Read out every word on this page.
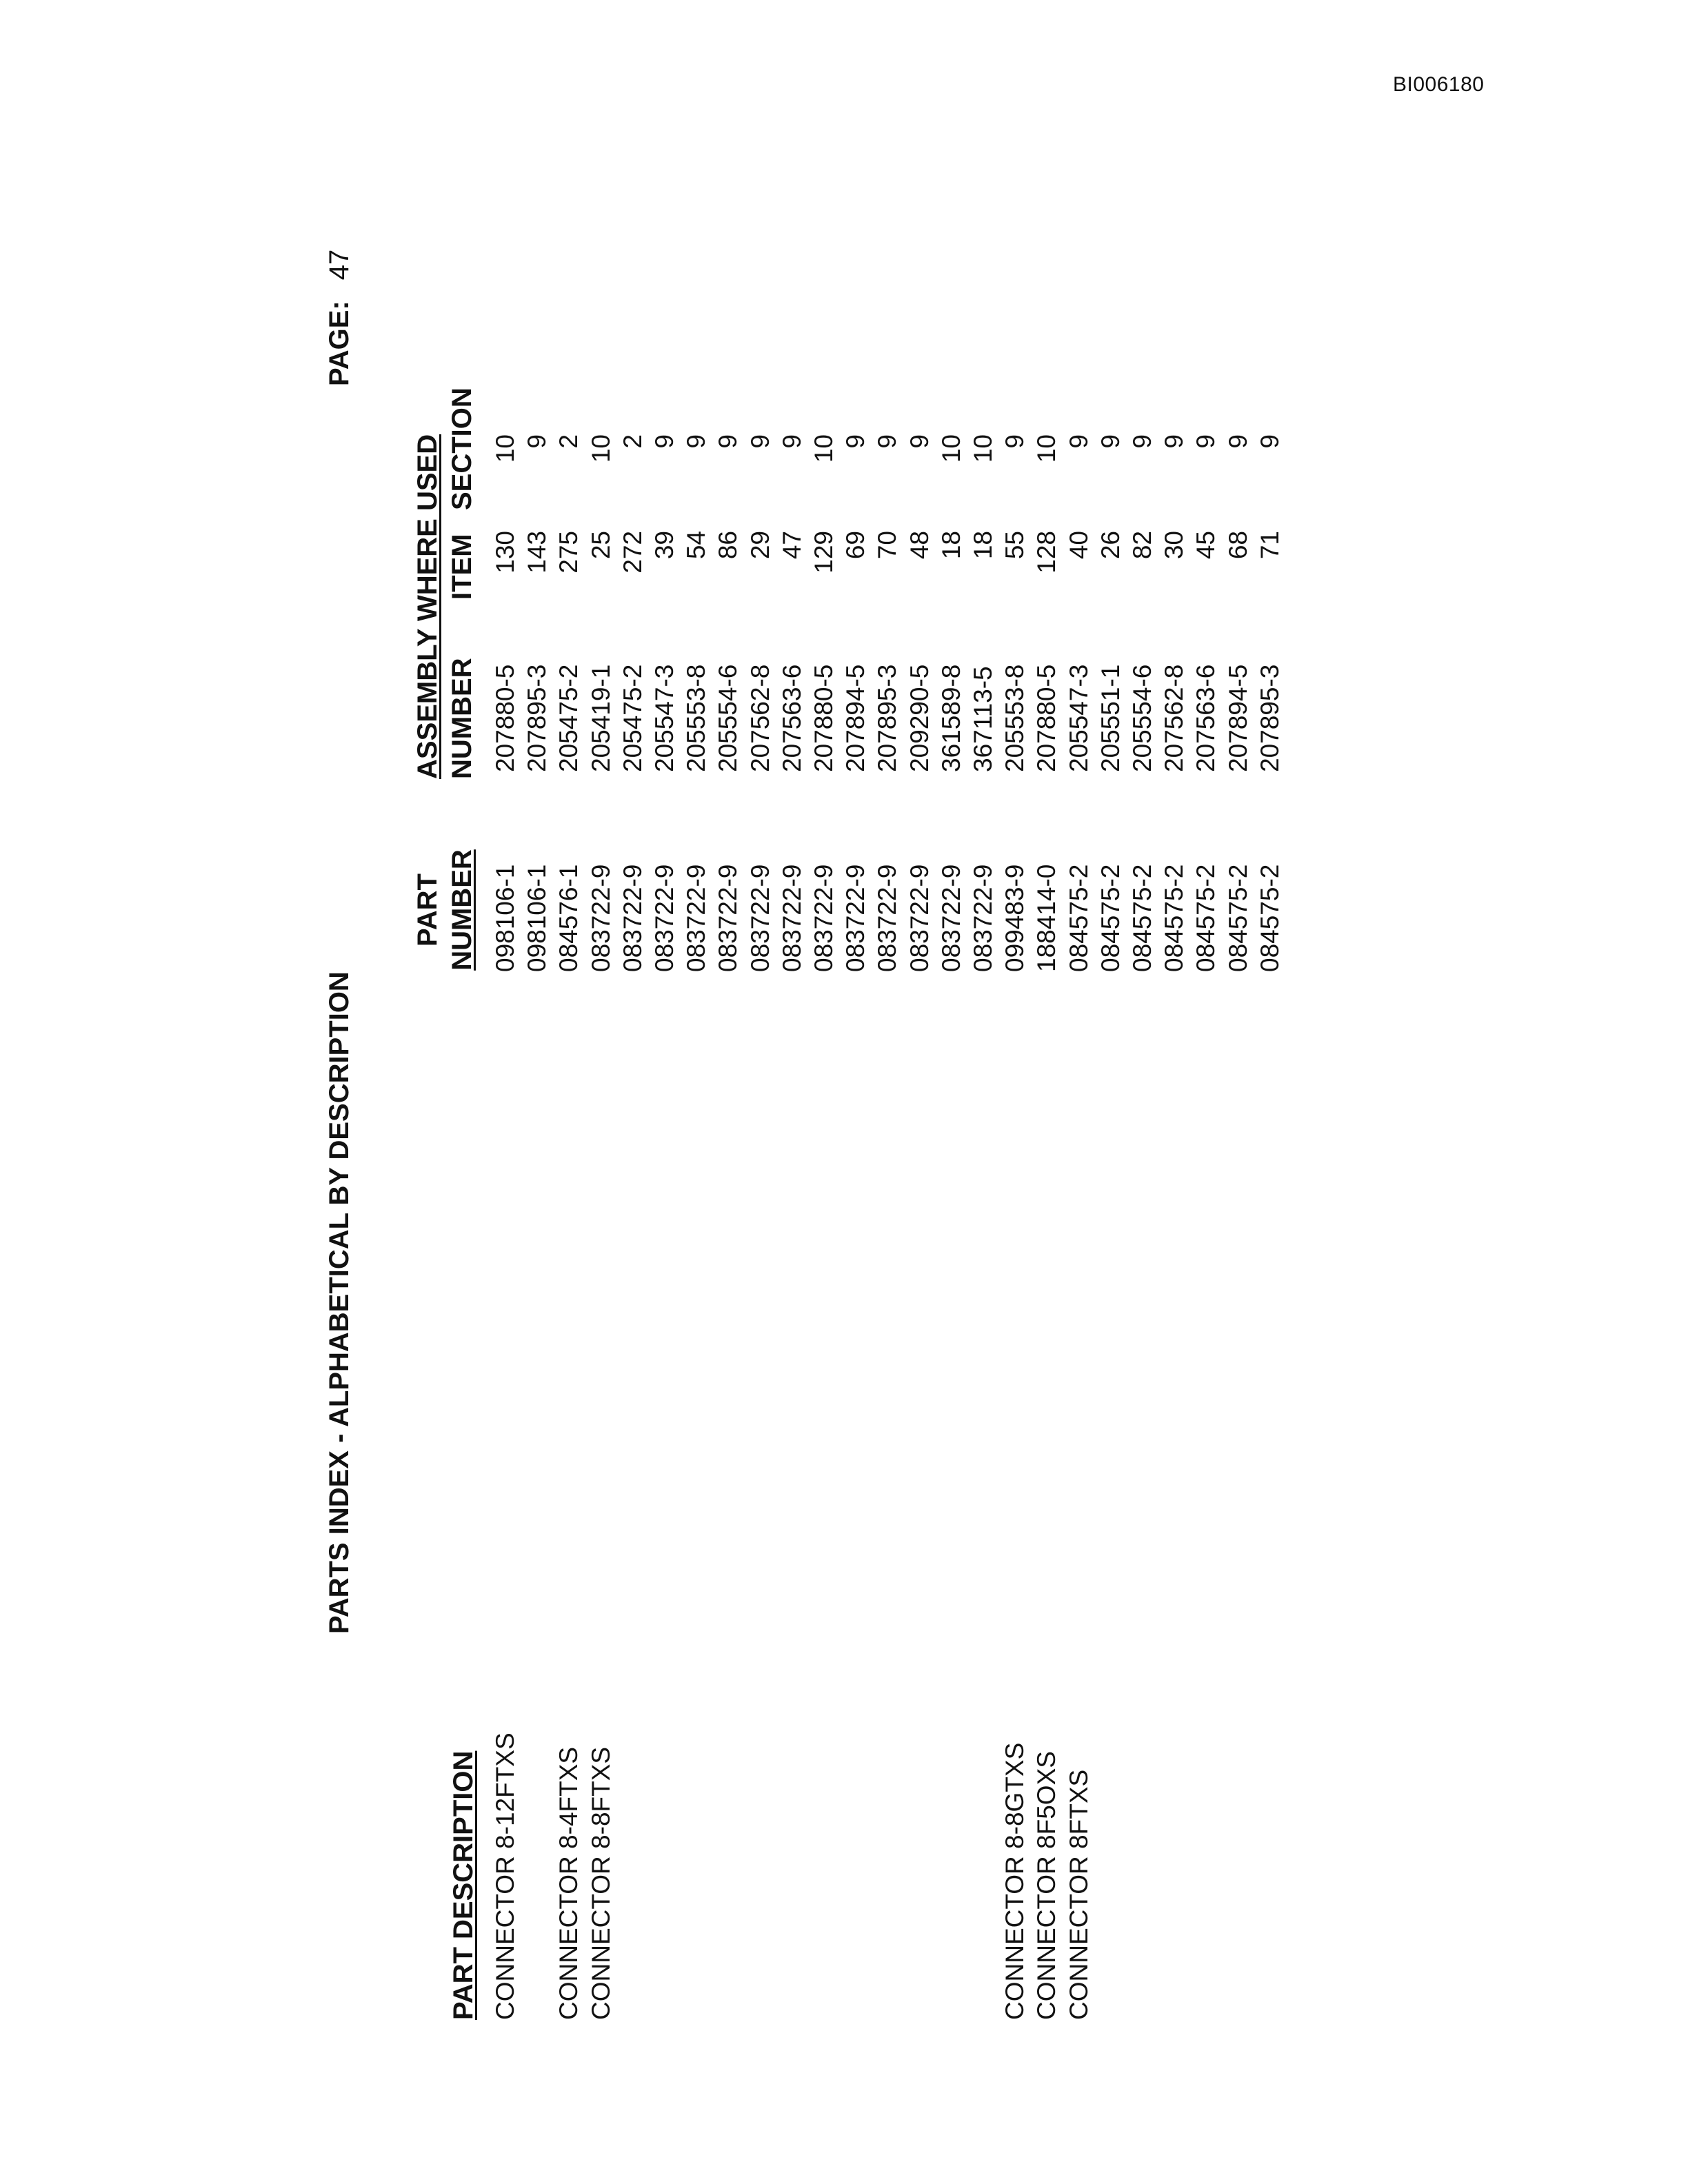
BI006180
PARTS INDEX - ALPHABETICAL BY DESCRIPTION
PAGE:47
PART DESCRIPTION
PART NUMBER
ASSEMBLY WHERE USED NUMBER
ITEM
SECTION
CONNECTOR 8-12FTXS
098106-1
207880-5
130
10
098106-1
207895-3
143
9
CONNECTOR 8-4FTXS
084576-1
205475-2
275
2
CONNECTOR 8-8FTXS
083722-9
205419-1
25
10
083722-9
205475-2
272
2
083722-9
205547-3
39
9
083722-9
205553-8
54
9
083722-9
205554-6
86
9
083722-9
207562-8
29
9
083722-9
207563-6
47
9
083722-9
207880-5
129
10
083722-9
207894-5
69
9
083722-9
207895-3
70
9
083722-9
209290-5
48
9
083722-9
361589-8
18
10
083722-9
367113-5
18
10
CONNECTOR 8-8GTXS
099483-9
205553-8
55
9
CONNECTOR 8F5OXS
188414-0
207880-5
128
10
CONNECTOR 8FTXS
084575-2
205547-3
40
9
084575-2
205551-1
26
9
084575-2
205554-6
82
9
084575-2
207562-8
30
9
084575-2
207563-6
45
9
084575-2
207894-5
68
9
084575-2
207895-3
71
9
